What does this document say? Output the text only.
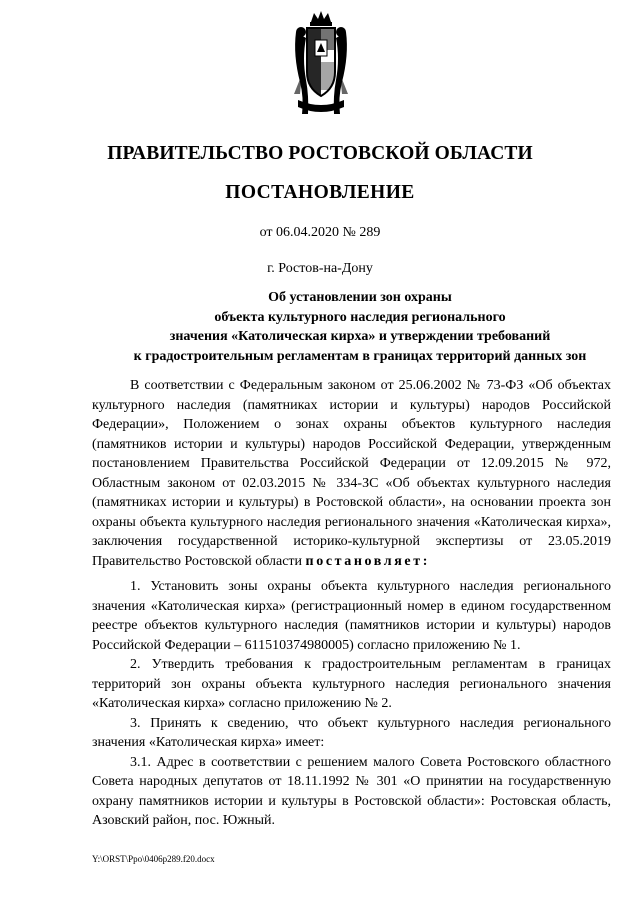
ПРАВИТЕЛЬСТВО РОСТОВСКОЙ ОБЛАСТИ
ПОСТАНОВЛЕНИЕ
от 06.04.2020 № 289
г. Ростов-на-Дону
Об установлении зон охраны
объекта культурного наследия регионального
значения «Католическая кирха» и утверждении требований
к градостроительным регламентам в границах территорий данных зон

В соответствии с Федеральным законом от 25.06.2002 № 73-ФЗ «Об объектах культурного наследия (памятниках истории и культуры) народов Российской Федерации», Положением о зонах охраны объектов культурного наследия (памятников истории и культуры) народов Российской Федерации, утвержденным постановлением Правительства Российской Федерации от 12.09.2015 № 972, Областным законом от 02.03.2015 № 334-ЗС «Об объектах культурного наследия (памятниках истории и культуры) в Ростовской области», на основании проекта зон охраны объекта культурного наследия регионального значения «Католическая кирха», заключения государственной историко-культурной экспертизы от 23.05.2019 Правительство Ростовской области постановляет:

1. Установить зоны охраны объекта культурного наследия регионального значения «Католическая кирха» (регистрационный номер в едином государственном реестре объектов культурного наследия (памятников истории и культуры) народов Российской Федерации – 611510374980005) согласно приложению № 1.

2. Утвердить требования к градостроительным регламентам в границах территорий зон охраны объекта культурного наследия регионального значения «Католическая кирха» согласно приложению № 2.

3. Принять к сведению, что объект культурного наследия регионального значения «Католическая кирха» имеет:

3.1. Адрес в соответствии с решением малого Совета Ростовского областного Совета народных депутатов от 18.11.1992 № 301 «О принятии на государственную охрану памятников истории и культуры в Ростовской области»: Ростовская область, Азовский район, пос. Южный.

Y:\ORST\Ppo\0406p289.f20.docx
